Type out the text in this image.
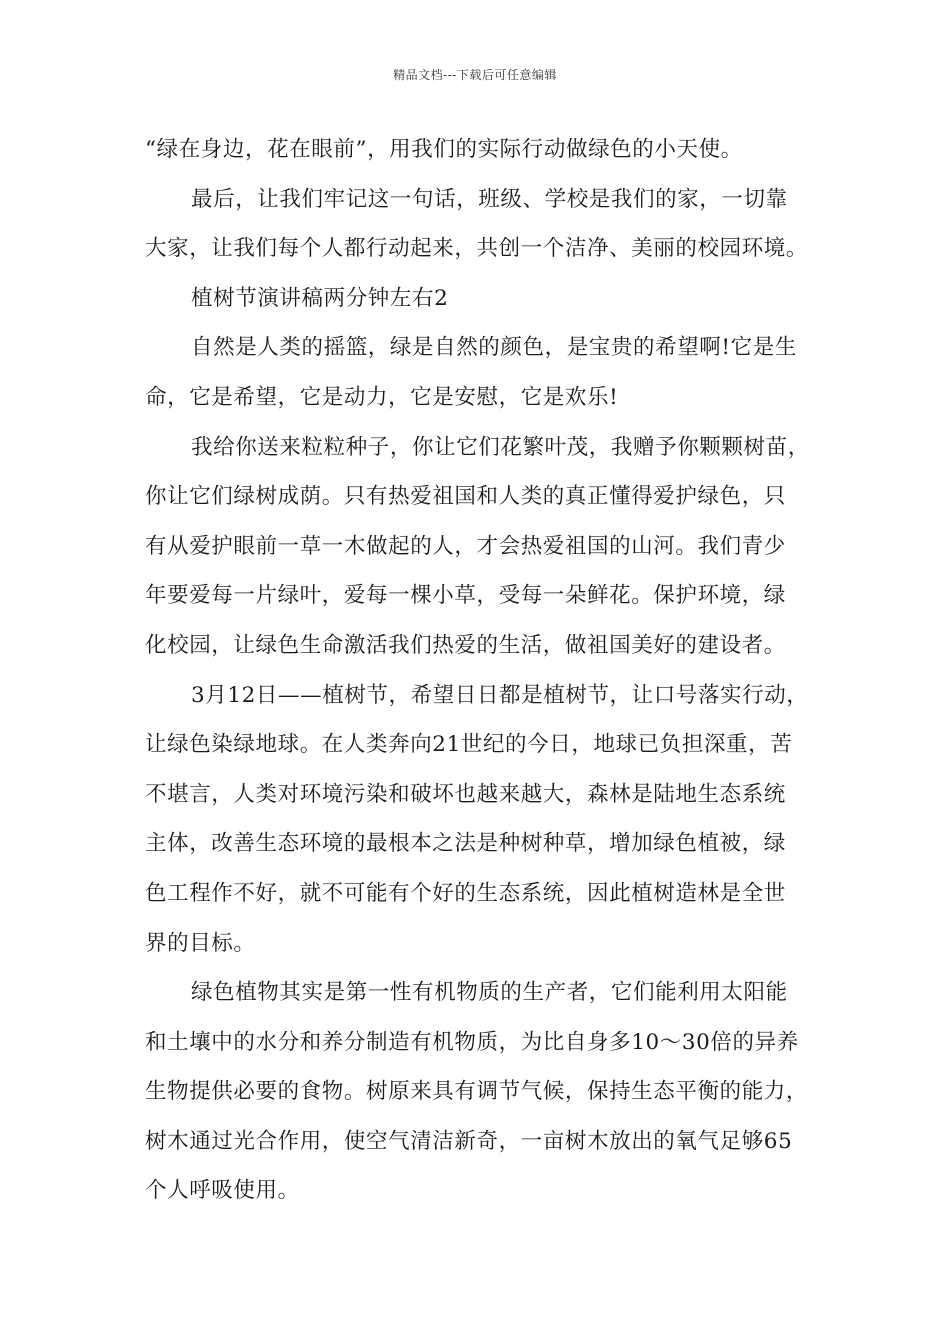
精品文档---下载后可任意编辑
“绿在身边，花在眼前”，用我们的实际行动做绿色的小天使。
最后，让我们牢记这一句话，班级、学校是我们的家，一切靠
大家，让我们每个人都行动起来，共创一个洁净、美丽的校园环境。
植树节演讲稿两分钟左右2
自然是人类的摇篮，绿是自然的颜色，是宝贵的希望啊!它是生
命，它是希望，它是动力，它是安慰，它是欢乐!
我给你送来粒粒种子，你让它们花繁叶茂，我赠予你颗颗树苗，
你让它们绿树成荫。只有热爱祖国和人类的真正懂得爱护绿色，只
有从爱护眼前一草一木做起的人，才会热爱祖国的山河。我们青少
年要爱每一片绿叶，爱每一棵小草，受每一朵鲜花。保护环境，绿
化校园，让绿色生命激活我们热爱的生活，做祖国美好的建设者。
3月12日——植树节，希望日日都是植树节，让口号落实行动，
让绿色染绿地球。在人类奔向21世纪的今日，地球已负担深重，苦
不堪言，人类对环境污染和破坏也越来越大，森林是陆地生态系统
主体，改善生态环境的最根本之法是种树种草，增加绿色植被，绿
色工程作不好，就不可能有个好的生态系统，因此植树造林是全世
界的目标。
绿色植物其实是第一性有机物质的生产者，它们能利用太阳能
和土壤中的水分和养分制造有机物质，为比自身多10～30倍的异养
生物提供必要的食物。树原来具有调节气候，保持生态平衡的能力，
树木通过光合作用，使空气清洁新奇，一亩树木放出的氧气足够65
个人呼吸使用。
